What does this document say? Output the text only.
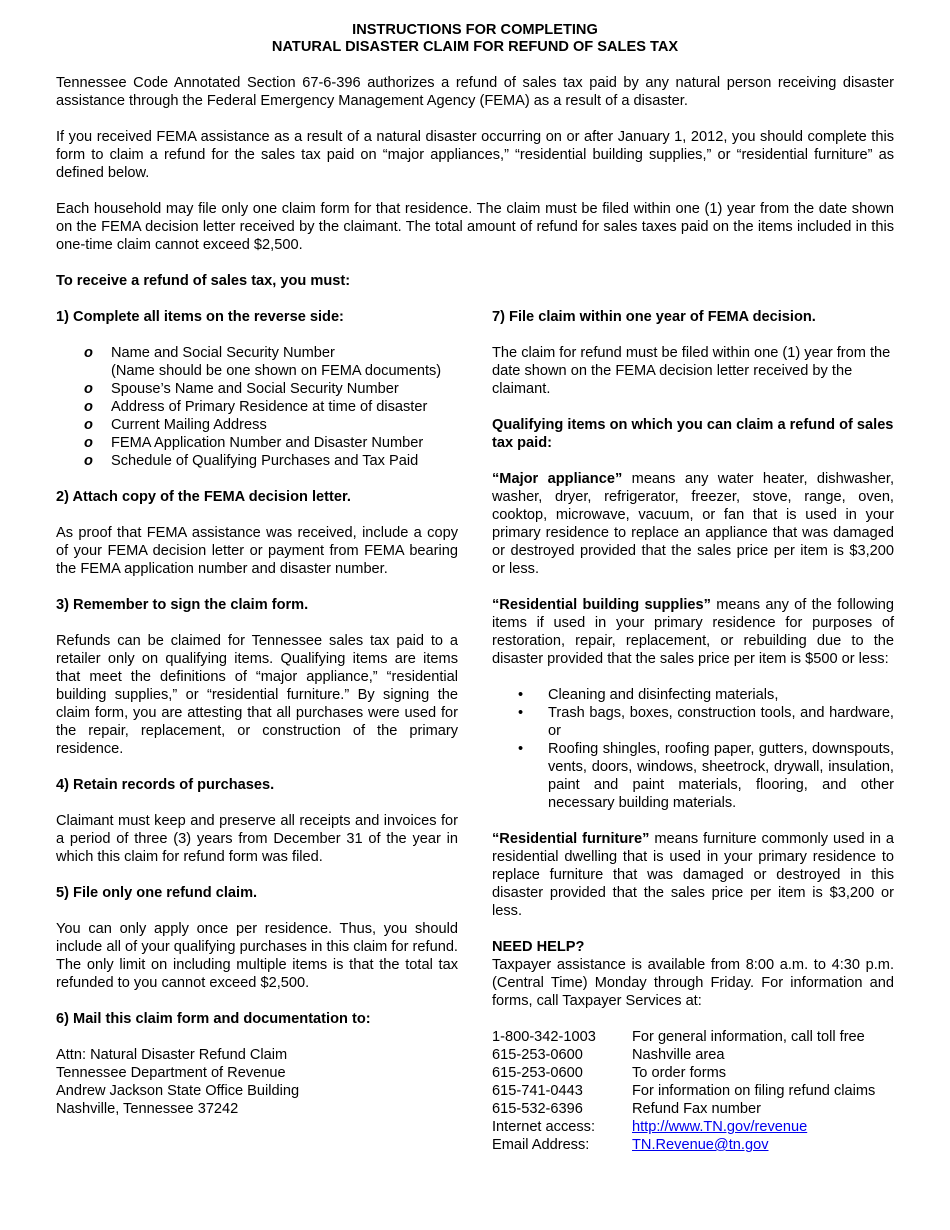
INSTRUCTIONS FOR COMPLETING
NATURAL DISASTER CLAIM FOR REFUND OF SALES TAX

Tennessee Code Annotated Section 67-6-396 authorizes a refund of sales tax paid by any natural person receiving disaster assistance through the Federal Emergency Management Agency (FEMA) as a result of a disaster.

If you received FEMA assistance as a result of a natural disaster occurring on or after January 1, 2012, you should complete this form to claim a refund for the sales tax paid on “major appliances,” “residential building supplies,” or “residential furniture” as defined below.

Each household may file only one claim form for that residence. The claim must be filed within one (1) year from the date shown on the FEMA decision letter received by the claimant. The total amount of refund for sales taxes paid on the items included in this one-time claim cannot exceed $2,500.

To receive a refund of sales tax, you must:

1) Complete all items on the reverse side:
o Name and Social Security Number
(Name should be one shown on FEMA documents)
o Spouse’s Name and Social Security Number
o Address of Primary Residence at time of disaster
o Current Mailing Address
o FEMA Application Number and Disaster Number
o Schedule of Qualifying Purchases and Tax Paid
2) Attach copy of the FEMA decision letter.

As proof that FEMA assistance was received, include a copy of your FEMA decision letter or payment from FEMA bearing the FEMA application number and disaster number.

3) Remember to sign the claim form.

Refunds can be claimed for Tennessee sales tax paid to a retailer only on qualifying items. Qualifying items are items that meet the definitions of “major appliance,” “residential building supplies,” or “residential furniture.” By signing the claim form, you are attesting that all purchases were used for the repair, replacement, or construction of the primary residence.

4) Retain records of purchases.

Claimant must keep and preserve all receipts and invoices for a period of three (3) years from December 31 of the year in which this claim for refund form was filed.

5) File only one refund claim.

You can only apply once per residence. Thus, you should include all of your qualifying purchases in this claim for refund. The only limit on including multiple items is that the total tax refunded to you cannot exceed $2,500.

6) Mail this claim form and documentation to:
Attn: Natural Disaster Refund Claim
Tennessee Department of Revenue
Andrew Jackson State Office Building
Nashville, Tennessee 37242
7) File claim within one year of FEMA decision.

The claim for refund must be filed within one (1) year from the date shown on the FEMA decision letter received by the claimant.

Qualifying items on which you can claim a refund of sales tax paid:

“Major appliance” means any water heater, dishwasher, washer, dryer, refrigerator, freezer, stove, range, oven, cooktop, microwave, vacuum, or fan that is used in your primary residence to replace an appliance that was damaged or destroyed provided that the sales price per item is $3,200 or less.

“Residential building supplies” means any of the following items if used in your primary residence for purposes of restoration, repair, replacement, or rebuilding due to the disaster provided that the sales price per item is $500 or less:

• Cleaning and disinfecting materials,
• Trash bags, boxes, construction tools, and hardware, or
• Roofing shingles, roofing paper, gutters, downspouts, vents, doors, windows, sheetrock, drywall, insulation, paint and paint materials, flooring, and other necessary building materials.

“Residential furniture” means furniture commonly used in a residential dwelling that is used in your primary residence to replace furniture that was damaged or destroyed in this disaster provided that the sales price per item is $3,200 or less.

NEED HELP?

Taxpayer assistance is available from 8:00 a.m. to 4:30 p.m. (Central Time) Monday through Friday. For information and forms, call Taxpayer Services at:

1-800-342-1003	For general information, call toll free
615-253-0600	Nashville area
615-253-0600	To order forms
615-741-0443	For information on filing refund claims
615-532-6396	Refund Fax number
Internet access:	http://www.TN.gov/revenue
Email Address:	TN.Revenue@tn.gov
